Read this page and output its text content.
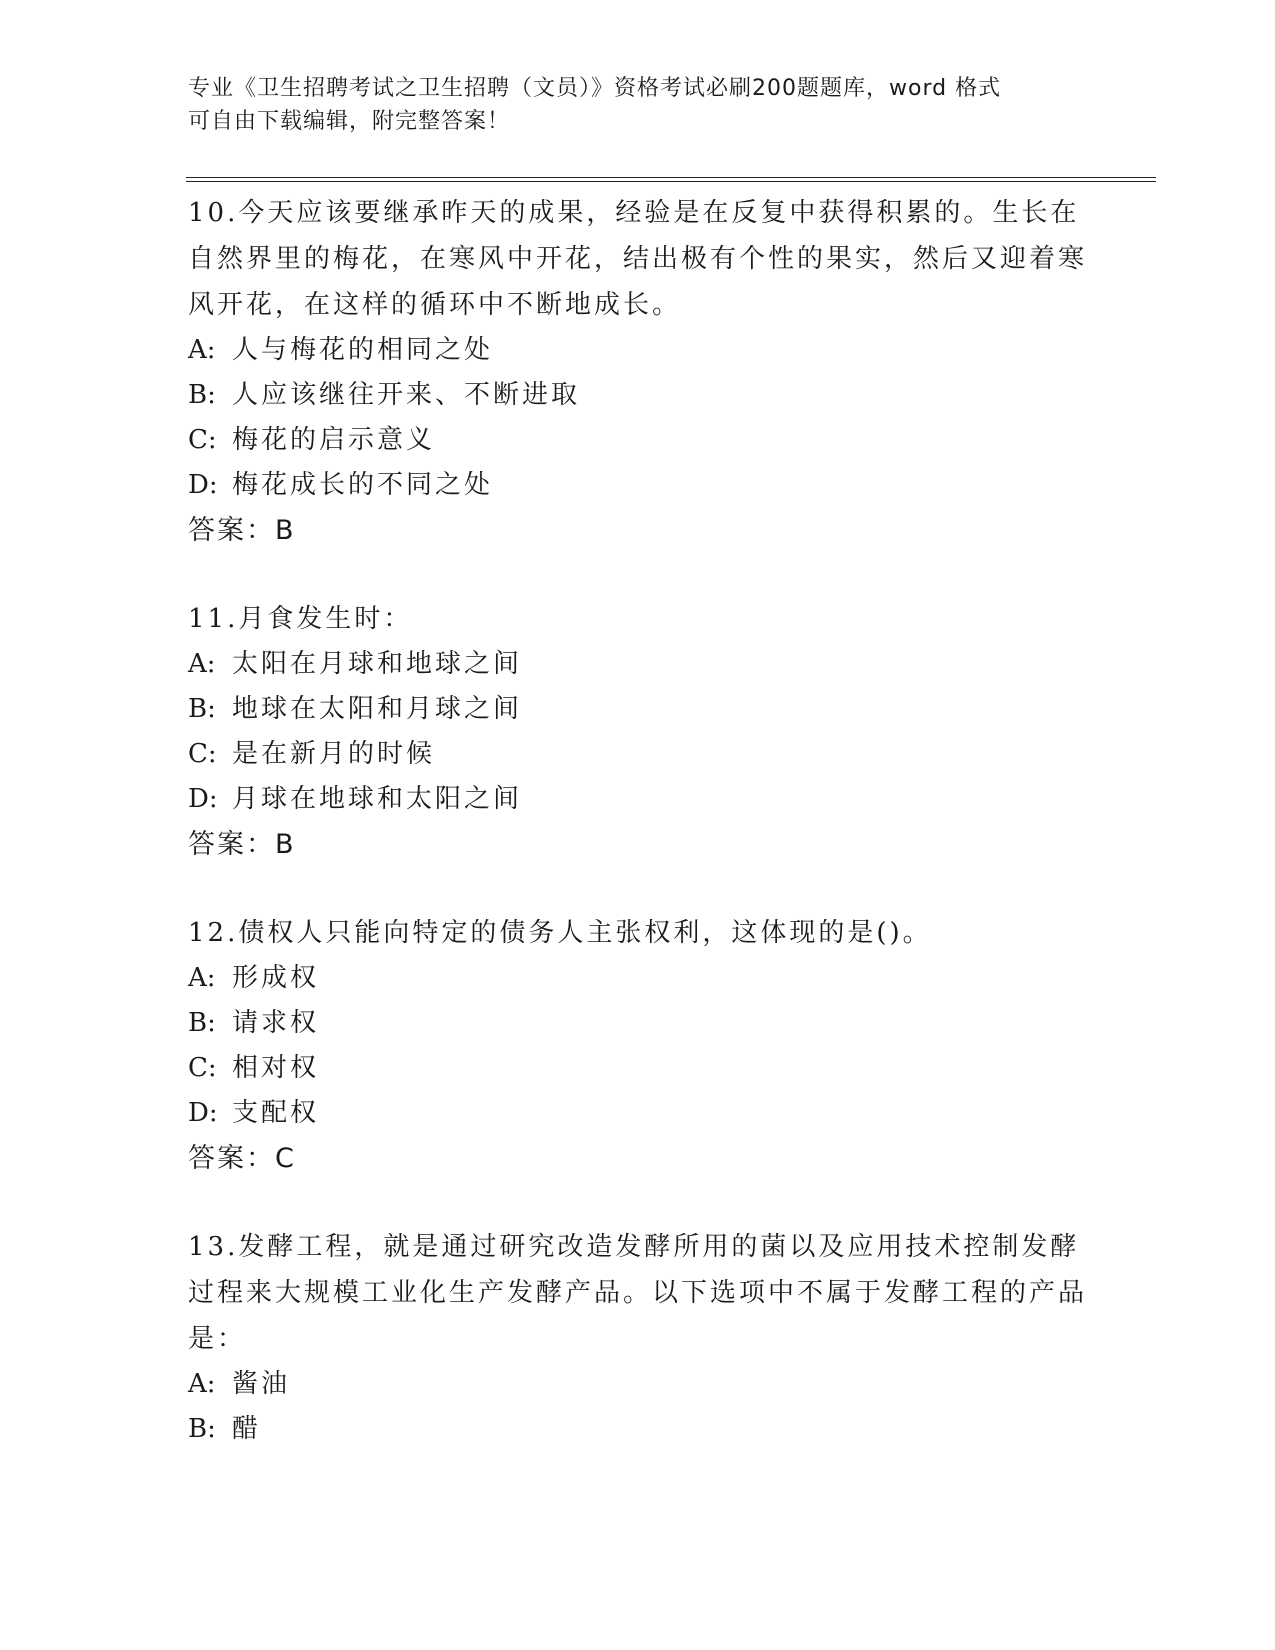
专业《卫生招聘考试之卫生招聘（文员）》资格考试必刷200题题库，word 格式
可自由下载编辑，附完整答案！

10.今天应该要继承昨天的成果，经验是在反复中获得积累的。生长在自然界里的梅花，在寒风中开花，结出极有个性的果实，然后又迎着寒风开花，在这样的循环中不断地成长。

A: 人与梅花的相同之处

B: 人应该继往开来、不断进取

C: 梅花的启示意义

D: 梅花成长的不同之处

答案：B

11.月食发生时：

A: 太阳在月球和地球之间

B: 地球在太阳和月球之间

C: 是在新月的时候

D: 月球在地球和太阳之间

答案：B

12.债权人只能向特定的债务人主张权利，这体现的是()。

A: 形成权

B: 请求权

C: 相对权

D: 支配权

答案：C

13.发酵工程，就是通过研究改造发酵所用的菌以及应用技术控制发酵过程来大规模工业化生产发酵产品。以下选项中不属于发酵工程的产品是：

A: 酱油

B: 醋
